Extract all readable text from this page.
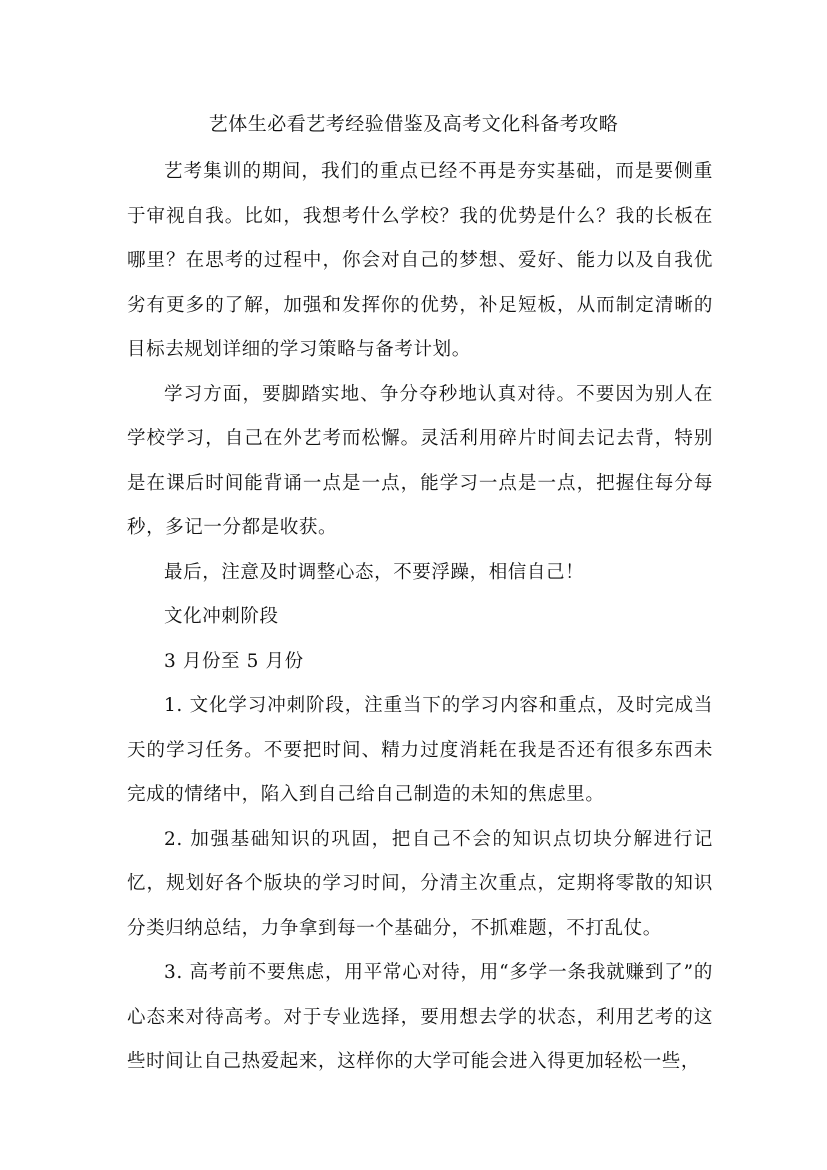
艺体生必看艺考经验借鉴及高考文化科备考攻略

艺考集训的期间，我们的重点已经不再是夯实基础，而是要侧重于审视自我。比如，我想考什么学校？我的优势是什么？我的长板在哪里？在思考的过程中，你会对自己的梦想、爱好、能力以及自我优劣有更多的了解，加强和发挥你的优势，补足短板，从而制定清晰的目标去规划详细的学习策略与备考计划。

学习方面，要脚踏实地、争分夺秒地认真对待。不要因为别人在学校学习，自己在外艺考而松懈。灵活利用碎片时间去记去背，特别是在课后时间能背诵一点是一点，能学习一点是一点，把握住每分每秒，多记一分都是收获。

最后，注意及时调整心态，不要浮躁，相信自己！

文化冲刺阶段

3 月份至 5 月份

1. 文化学习冲刺阶段，注重当下的学习内容和重点，及时完成当天的学习任务。不要把时间、精力过度消耗在我是否还有很多东西未完成的情绪中，陷入到自己给自己制造的未知的焦虑里。

2. 加强基础知识的巩固，把自己不会的知识点切块分解进行记忆，规划好各个版块的学习时间，分清主次重点，定期将零散的知识分类归纳总结，力争拿到每一个基础分，不抓难题，不打乱仗。

3. 高考前不要焦虑，用平常心对待，用“多学一条我就赚到了”的心态来对待高考。对于专业选择，要用想去学的状态，利用艺考的这些时间让自己热爱起来，这样你的大学可能会进入得更加轻松一些，
